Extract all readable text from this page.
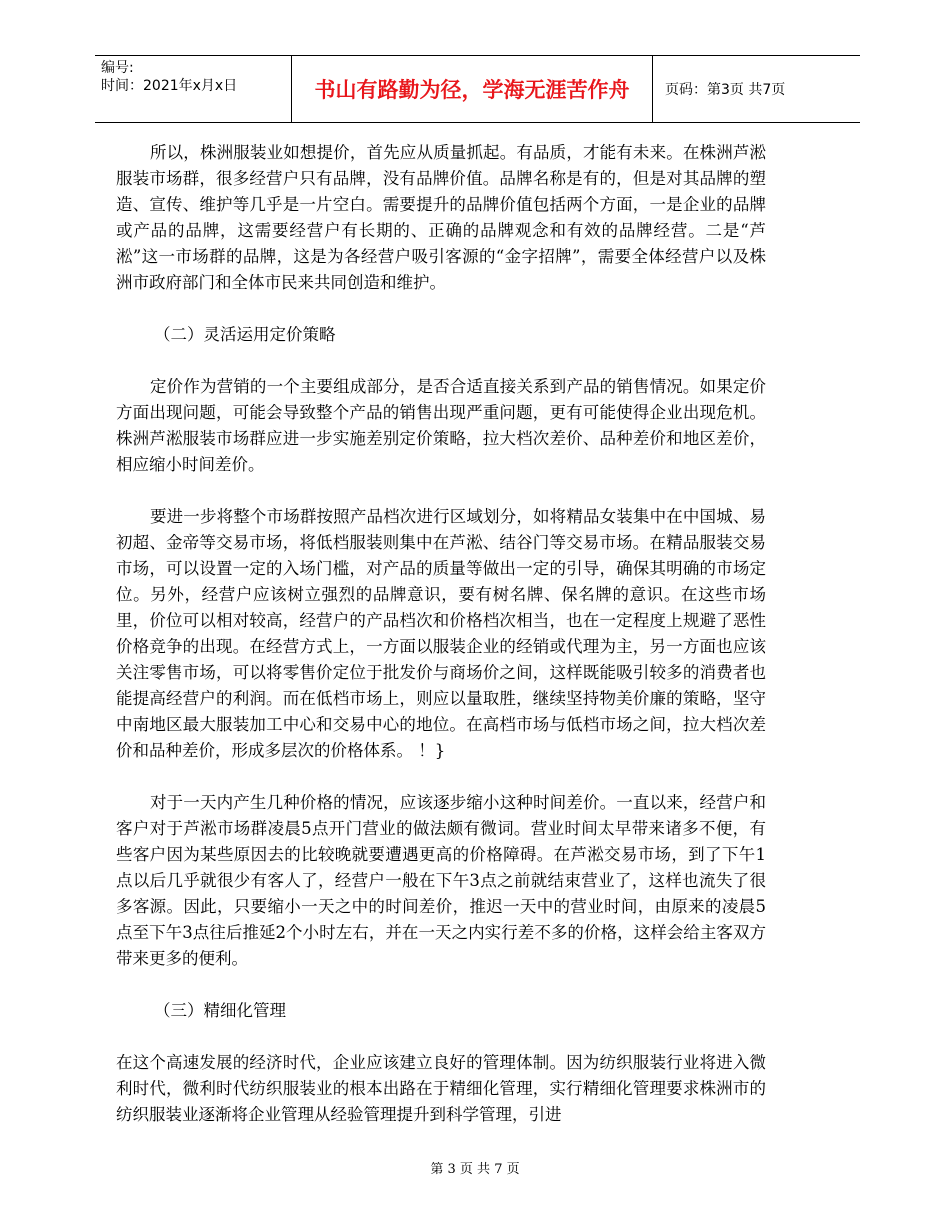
编号:
时间：2021年x月x日	书山有路勤为径，学海无涯苦作舟	页码：第3页 共7页

所以，株洲服装业如想提价，首先应从质量抓起。有品质，才能有未来。在株洲芦淞服装市场群，很多经营户只有品牌，没有品牌价值。品牌名称是有的，但是对其品牌的塑造、宣传、维护等几乎是一片空白。需要提升的品牌价值包括两个方面，一是企业的品牌或产品的品牌，这需要经营户有长期的、正确的品牌观念和有效的品牌经营。二是“芦淞”这一市场群的品牌，这是为各经营户吸引客源的“金字招牌”，需要全体经营户以及株洲市政府部门和全体市民来共同创造和维护。

（二）灵活运用定价策略

定价作为营销的一个主要组成部分，是否合适直接关系到产品的销售情况。如果定价方面出现问题，可能会导致整个产品的销售出现严重问题，更有可能使得企业出现危机。株洲芦淞服装市场群应进一步实施差别定价策略，拉大档次差价、品种差价和地区差价，相应缩小时间差价。

要进一步将整个市场群按照产品档次进行区域划分，如将精品女装集中在中国城、易初超、金帝等交易市场，将低档服装则集中在芦淞、结谷门等交易市场。在精品服装交易市场，可以设置一定的入场门槛，对产品的质量等做出一定的引导，确保其明确的市场定位。另外，经营户应该树立强烈的品牌意识，要有树名牌、保名牌的意识。在这些市场里，价位可以相对较高，经营户的产品档次和价格档次相当，也在一定程度上规避了恶性价格竞争的出现。在经营方式上，一方面以服装企业的经销或代理为主，另一方面也应该关注零售市场，可以将零售价定位于批发价与商场价之间，这样既能吸引较多的消费者也能提高经营户的利润。而在低档市场上，则应以量取胜，继续坚持物美价廉的策略，坚守中南地区最大服装加工中心和交易中心的地位。在高档市场与低档市场之间，拉大档次差价和品种差价，形成多层次的价格体系。 ！}

对于一天内产生几种价格的情况，应该逐步缩小这种时间差价。一直以来，经营户和客户对于芦淞市场群凌晨5点开门营业的做法颇有微词。营业时间太早带来诸多不便，有些客户因为某些原因去的比较晚就要遭遇更高的价格障碍。在芦淞交易市场，到了下午1点以后几乎就很少有客人了，经营户一般在下午3点之前就结束营业了，这样也流失了很多客源。因此，只要缩小一天之中的时间差价，推迟一天中的营业时间，由原来的凌晨5点至下午3点往后推延2个小时左右，并在一天之内实行差不多的价格，这样会给主客双方带来更多的便利。

（三）精细化管理

在这个高速发展的经济时代，企业应该建立良好的管理体制。因为纺织服装行业将进入微利时代，微利时代纺织服装业的根本出路在于精细化管理，实行精细化管理要求株洲市的纺织服装业逐渐将企业管理从经验管理提升到科学管理，引进

第 3 页 共 7 页
